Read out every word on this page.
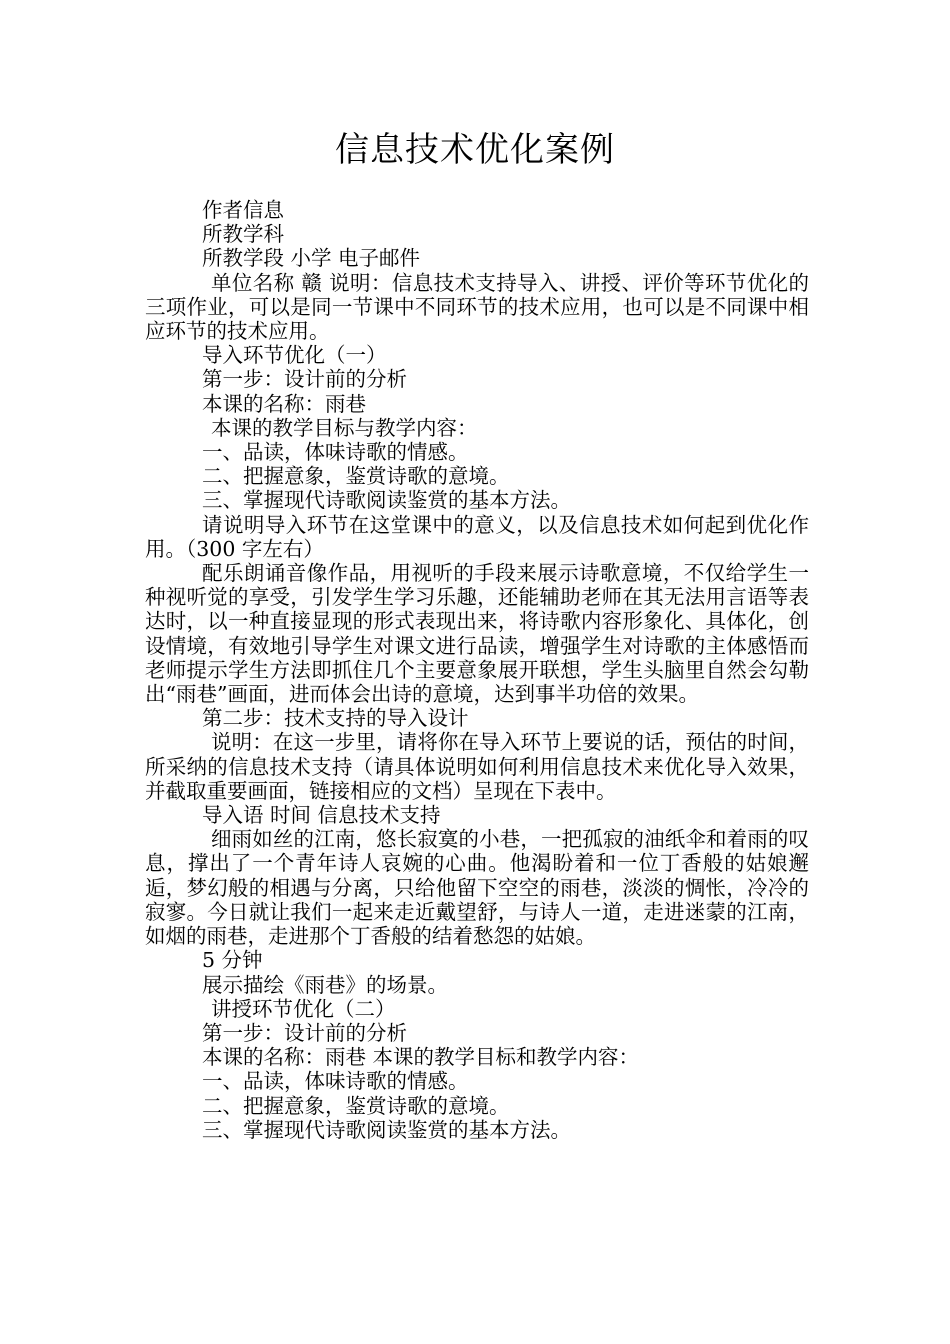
信息技术优化案例

作者信息

所教学科

所教学段 小学 电子邮件

单位名称 赣 说明：信息技术支持导入、讲授、评价等环节优化的三项作业，可以是同一节课中不同环节的技术应用，也可以是不同课中相应环节的技术应用。

导入环节优化（一）

第一步：设计前的分析

本课的名称：雨巷

本课的教学目标与教学内容：

一、品读，体味诗歌的情感。

二、把握意象，鉴赏诗歌的意境。

三、掌握现代诗歌阅读鉴赏的基本方法。

请说明导入环节在这堂课中的意义，以及信息技术如何起到优化作用。（300 字左右）

配乐朗诵音像作品，用视听的手段来展示诗歌意境，不仅给学生一种视听觉的享受，引发学生学习乐趣，还能辅助老师在其无法用言语等表达时，以一种直接显现的形式表现出来，将诗歌内容形象化、具体化，创设情境，有效地引导学生对课文进行品读，增强学生对诗歌的主体感悟而老师提示学生方法即抓住几个主要意象展开联想，学生头脑里自然会勾勒出“雨巷”画面，进而体会出诗的意境，达到事半功倍的效果。

第二步：技术支持的导入设计

说明：在这一步里，请将你在导入环节上要说的话，预估的时间，所采纳的信息技术支持（请具体说明如何利用信息技术来优化导入效果，并截取重要画面，链接相应的文档）呈现在下表中。

导入语 时间 信息技术支持

细雨如丝的江南，悠长寂寞的小巷，一把孤寂的油纸伞和着雨的叹息，撑出了一个青年诗人哀婉的心曲。他渴盼着和一位丁香般的姑娘邂逅，梦幻般的相遇与分离，只给他留下空空的雨巷，淡淡的惆怅，冷冷的寂寥。今日就让我们一起来走近戴望舒，与诗人一道，走进迷蒙的江南，如烟的雨巷，走进那个丁香般的结着愁怨的姑娘。

5 分钟

展示描绘《雨巷》的场景。

讲授环节优化（二）

第一步：设计前的分析

本课的名称：雨巷 本课的教学目标和教学内容：

一、品读，体味诗歌的情感。

二、把握意象，鉴赏诗歌的意境。

三、掌握现代诗歌阅读鉴赏的基本方法。
